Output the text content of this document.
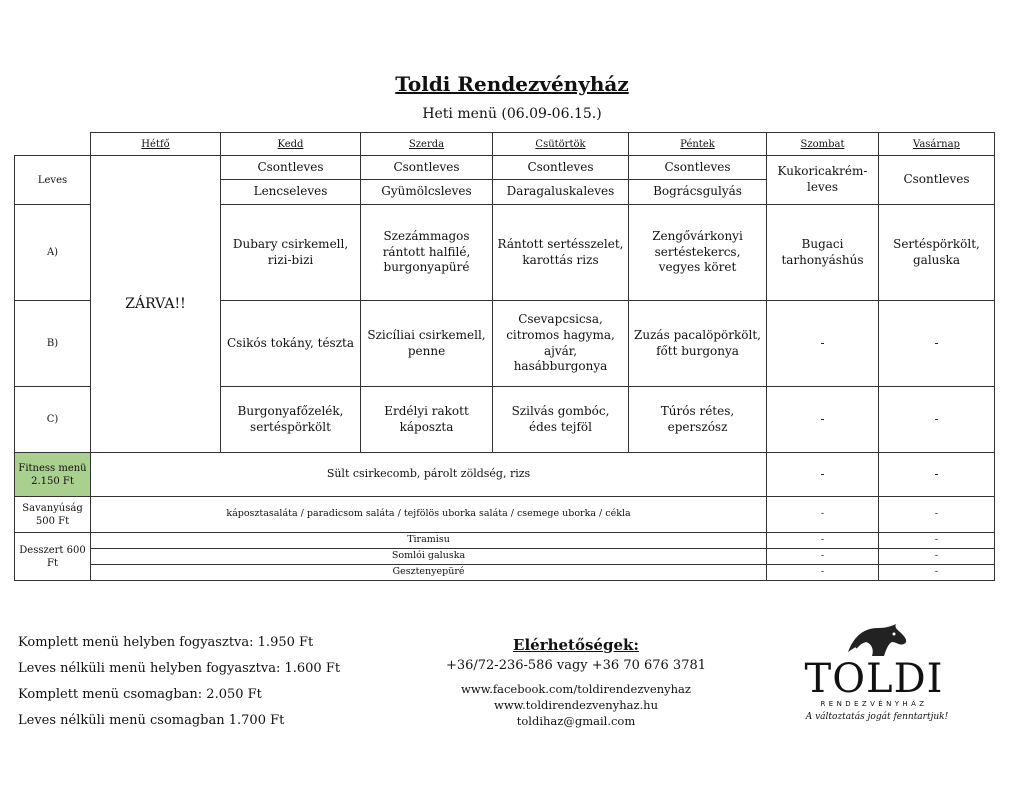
Toldi Rendezvényház
Heti menü (06.09-06.15.)
	Hétfő	Kedd	Szerda	Csütörtök	Péntek	Szombat	Vasárnap
Leves	ZÁRVA!!	Csontleves	Csontleves	Csontleves	Csontleves	Kukoricakrém-leves	Csontleves
		Lencseleves	Gyümölcsleves	Daragaluskaleves	Bográcsgulyás		
A)		Dubary csirkemell, rizi-bizi	Szezámmagos rántott halfilé, burgonyapüré	Rántott sertésszelet, karottás rizs	Zengővárkonyi sertéstekercs, vegyes köret	Bugaci tarhonyáshús	Sertéspörkölt, galuska
B)		Csikós tokány, tészta	Szicíliai csirkemell, penne	Csevapcsicsa, citromos hagyma, ajvár, hasábburgonya	Zuzás pacalöpörkölt, főtt burgonya	-	-
C)		Burgonyafőzelék, sertéspörkölt	Erdélyi rakott káposzta	Szilvás gombóc, édes tejföl	Túrós rétes, eperszósz	-	-
Fitness menü 2.150 Ft	Sült csirkecomb, párolt zöldség, rizs					-	-
Savanyúság 500 Ft	káposztasaláta / paradicsom saláta / tejfölös uborka saláta / csemege uborka / cékla					-	-
Desszert 600 Ft	Tiramisu					-	-
	Somlói galuska					-	-
	Gesztenyepüré					-	-
Komplett menü helyben fogyasztva: 1.950 Ft
Leves nélküli menü helyben fogyasztva: 1.600 Ft
Komplett menü csomagban: 2.050 Ft
Leves nélküli menü csomagban 1.700 Ft
Elérhetőségek:
+36/72-236-586 vagy +36 70 676 3781
www.facebook.com/toldirendezvenyhaz
www.toldirendezvenyhaz.hu
toldihaz@gmail.com
TOLDI
RENDEZVÉNYHÁZ
A változtatás jogát fenntartjuk!
